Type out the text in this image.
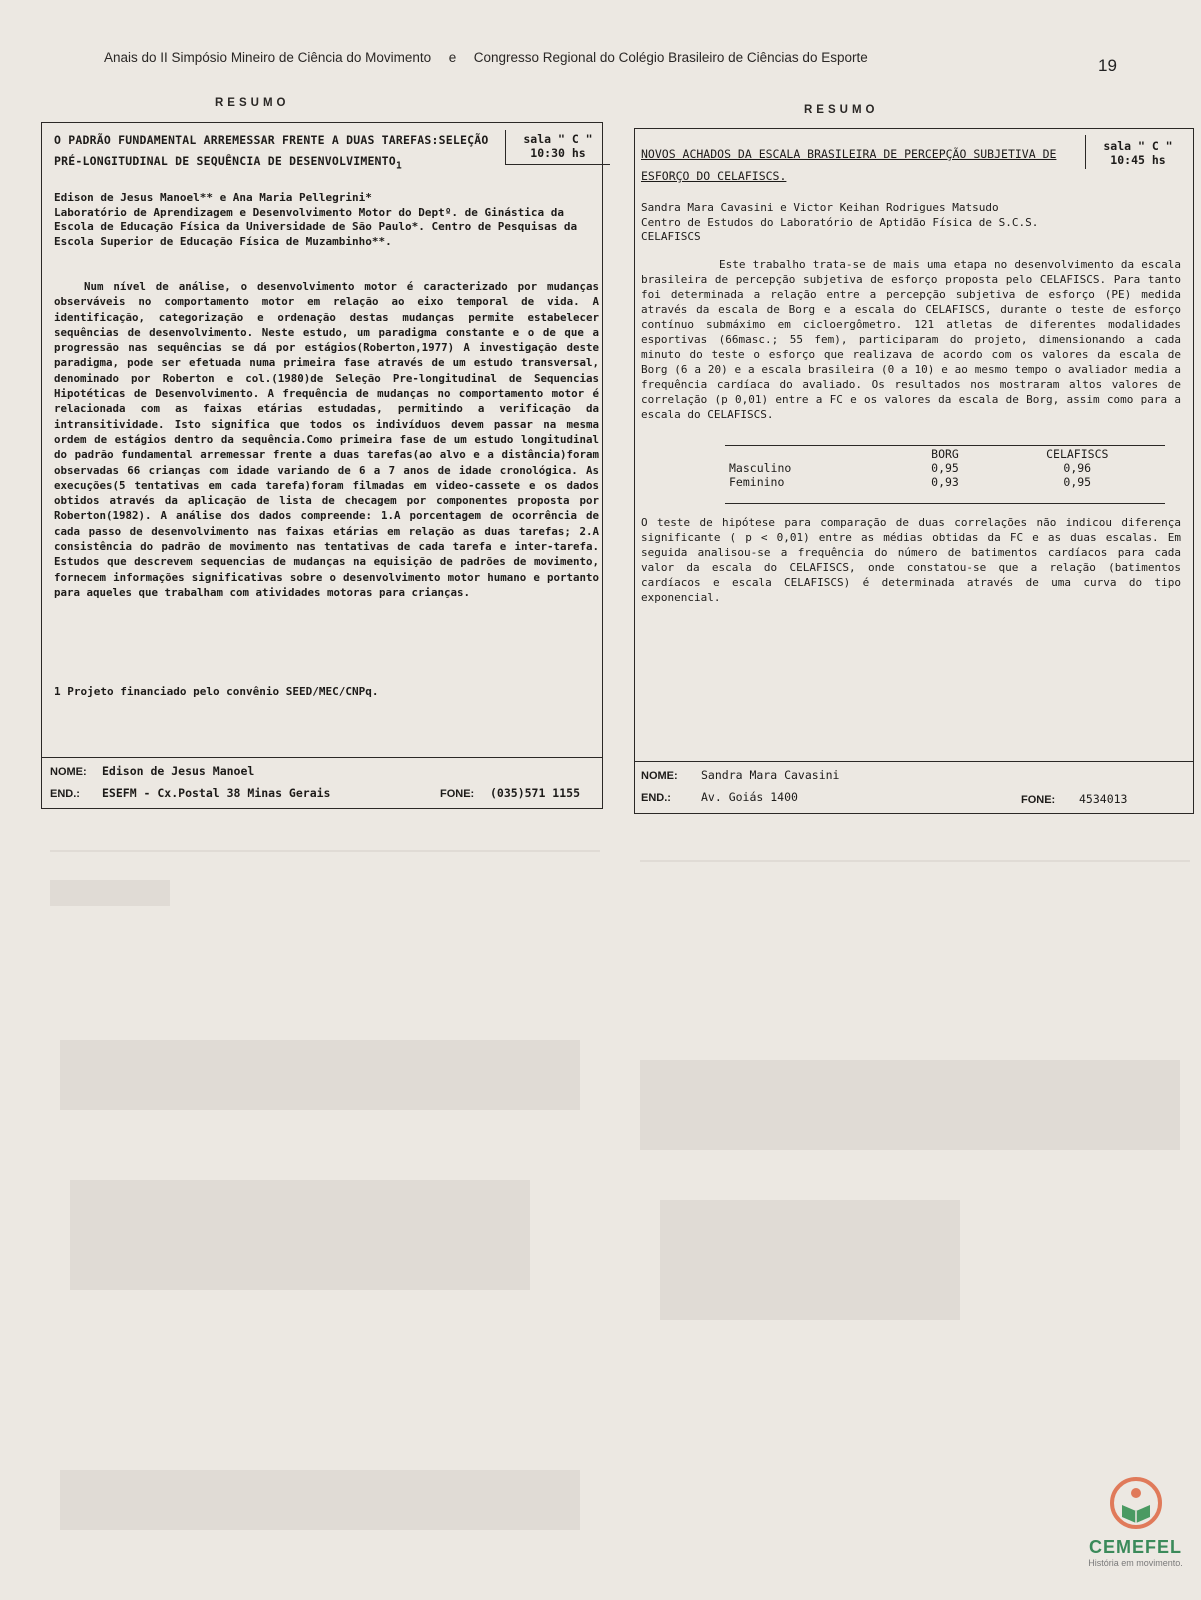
Anais do II Simpósio Mineiro de Ciência do Movimento e Congresso Regional do Colégio Brasileiro de Ciências do Esporte	19
RESUMO
O PADRÃO FUNDAMENTAL ARREMESSAR FRENTE A DUAS TAREFAS:SELEÇÃO PRÉ-LONGITUDINAL DE SEQUÊNCIA DE $DESENVOLVIMENTO_1$
sala " C "
10:30 hs
Edison de Jesus Manoel** e Ana Maria Pellegrini*
Laboratório de Aprendizagem e Desenvolvimento Motor do Deptº. de Ginástica da Escola de Educação Física da Universidade de São Paulo*. Centro de Pesquisas da Escola Superior de Educação Física de Muzambinho**.

Num nível de análise, o desenvolvimento motor é caracterizado por mudanças observáveis no comportamento motor em relação ao eixo temporal de vida. A identificação, categorização e ordenação destas mudanças permite estabelecer sequências de desenvolvimento. Neste estudo, um paradigma constante e o de que a progressão nas sequências se dá por estágios(Roberton,1977) A investigação deste paradigma, pode ser efetuada numa primeira fase através de um estudo transversal, denominado por Roberton e col.(1980)de Seleção Pre-longitudinal de Sequencias Hipotéticas de Desenvolvimento. A frequência de mudanças no comportamento motor é relacionada com as faixas etárias estudadas, permitindo a verificação da intransitividade. Isto significa que todos os indivíduos devem passar na mesma ordem de estágios dentro da sequência.Como primeira fase de um estudo longitudinal do padrão fundamental arremessar frente a duas tarefas(ao alvo e a distância)foram observadas 66 crianças com idade variando de 6 a 7 anos de idade cronológica. As execuções(5 tentativas em cada tarefa)foram filmadas em video-cassete e os dados obtidos através da aplicação de lista de checagem por componentes proposta por Roberton(1982). A análise dos dados compreende: 1.A porcentagem de ocorrência de cada passo de desenvolvimento nas faixas etárias em relação as duas tarefas; 2.A consistência do padrão de movimento nas tentativas de cada tarefa e inter-tarefa. Estudos que descrevem sequencias de mudanças na equisição de padrões de movimento, fornecem informações significativas sobre o desenvolvimento motor humano e portanto para aqueles que trabalham com atividades motoras para crianças.

1 Projeto financiado pelo convênio SEED/MEC/CNPq.
NOME: Edison de Jesus Manoel
END.: ESEFM - Cx.Postal 38 Minas Gerais	FONE: (035)571 1155
RESUMO
NOVOS ACHADOS DA ESCALA BRASILEIRA DE PERCEPÇÃO SUBJETIVA DE ESFORÇO DO CELAFISCS.
sala " C "
10:45 hs
Sandra Mara Cavasini e Victor Keihan Rodrigues Matsudo
Centro de Estudos do Laboratório de Aptidão Física de S.C.S.
CELAFISCS

Este trabalho trata-se de mais uma etapa no desenvolvimento da escala brasileira de percepção subjetiva de esforço proposta pelo CELAFISCS. Para tanto foi determinada a relação entre a percepção subjetiva de esforço (PE) medida através da escala de Borg e a escala do CELAFISCS, durante o teste de esforço contínuo submáximo em cicloergômetro. 121 atletas de diferentes modalidades esportivas (66masc.; 55 fem), participaram do projeto, dimensionando a cada minuto do teste o esforço que realizava de acordo com os valores da escala de Borg (6 a 20) e a escala brasileira (0 a 10) e ao mesmo tempo o avaliador media a frequência cardíaca do avaliado. Os resultados nos mostraram altos valores de correlação (p 0,01) entre a FC e os valores da escala de Borg, assim como para a escala do CELAFISCS.

	BORG	CELAFISCS
Masculino	0,95	0,96
Feminino	0,93	0,95
O teste de hipótese para comparação de duas correlações não indicou diferença significante ( p < 0,01) entre as médias obtidas da FC e as duas escalas. Em seguida analisou-se a frequência do número de batimentos cardíacos para cada valor da escala do CELAFISCS, onde constatou-se que a relação (batimentos cardíacos e escala CELAFISCS) é determinada através de uma curva do tipo exponencial.
NOME: Sandra Mara Cavasini
END.:	Av. Goiás 1400	FONE: 4534013
CEMEFEL
História em movimento.
